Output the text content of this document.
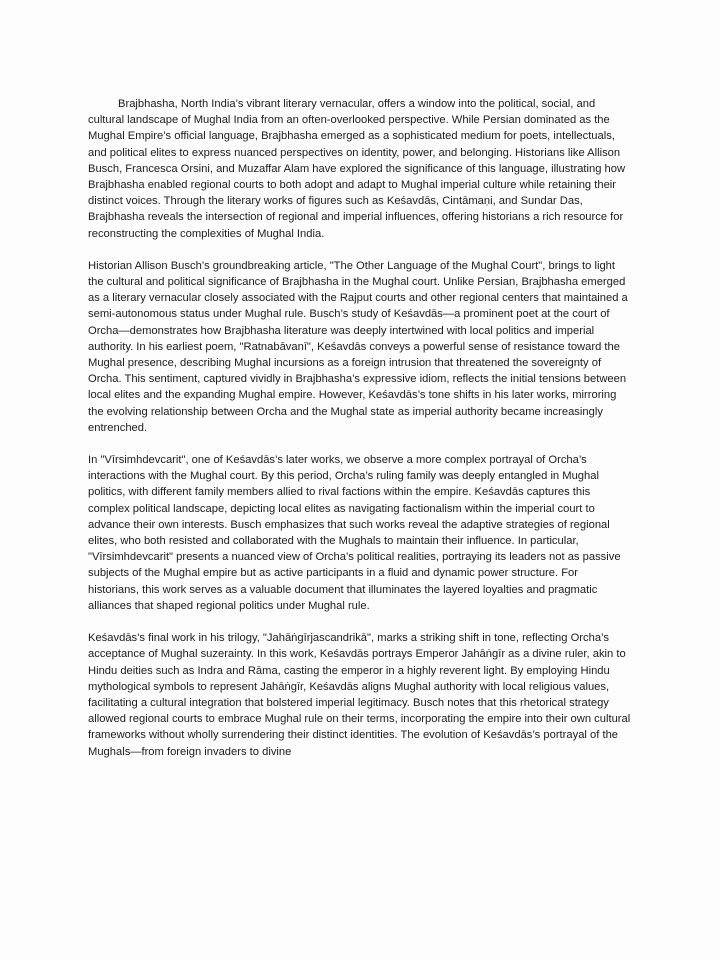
Brajbhasha, North India’s vibrant literary vernacular, offers a window into the political, social, and cultural landscape of Mughal India from an often-overlooked perspective. While Persian dominated as the Mughal Empire’s official language, Brajbhasha emerged as a sophisticated medium for poets, intellectuals, and political elites to express nuanced perspectives on identity, power, and belonging. Historians like Allison Busch, Francesca Orsini, and Muzaffar Alam have explored the significance of this language, illustrating how Brajbhasha enabled regional courts to both adopt and adapt to Mughal imperial culture while retaining their distinct voices. Through the literary works of figures such as Keśavdās, Cintāmaṇi, and Sundar Das, Brajbhasha reveals the intersection of regional and imperial influences, offering historians a rich resource for reconstructing the complexities of Mughal India.

Historian Allison Busch’s groundbreaking article, "The Other Language of the Mughal Court", brings to light the cultural and political significance of Brajbhasha in the Mughal court. Unlike Persian, Brajbhasha emerged as a literary vernacular closely associated with the Rajput courts and other regional centers that maintained a semi-autonomous status under Mughal rule. Busch’s study of Keśavdās—a prominent poet at the court of Orcha—demonstrates how Brajbhasha literature was deeply intertwined with local politics and imperial authority. In his earliest poem, "Ratnabāvanī", Keśavdās conveys a powerful sense of resistance toward the Mughal presence, describing Mughal incursions as a foreign intrusion that threatened the sovereignty of Orcha. This sentiment, captured vividly in Brajbhasha’s expressive idiom, reflects the initial tensions between local elites and the expanding Mughal empire. However, Keśavdās’s tone shifts in his later works, mirroring the evolving relationship between Orcha and the Mughal state as imperial authority became increasingly entrenched.

In "Vīrsimhdevcarit", one of Keśavdās’s later works, we observe a more complex portrayal of Orcha’s interactions with the Mughal court. By this period, Orcha’s ruling family was deeply entangled in Mughal politics, with different family members allied to rival factions within the empire. Keśavdās captures this complex political landscape, depicting local elites as navigating factionalism within the imperial court to advance their own interests. Busch emphasizes that such works reveal the adaptive strategies of regional elites, who both resisted and collaborated with the Mughals to maintain their influence. In particular, "Vīrsimhdevcarit" presents a nuanced view of Orcha’s political realities, portraying its leaders not as passive subjects of the Mughal empire but as active participants in a fluid and dynamic power structure. For historians, this work serves as a valuable document that illuminates the layered loyalties and pragmatic alliances that shaped regional politics under Mughal rule.

Keśavdās’s final work in his trilogy, "Jahāṅgīrjascandrikā", marks a striking shift in tone, reflecting Orcha’s acceptance of Mughal suzerainty. In this work, Keśavdās portrays Emperor Jahāṅgīr as a divine ruler, akin to Hindu deities such as Indra and Rāma, casting the emperor in a highly reverent light. By employing Hindu mythological symbols to represent Jahāṅgīr, Keśavdās aligns Mughal authority with local religious values, facilitating a cultural integration that bolstered imperial legitimacy. Busch notes that this rhetorical strategy allowed regional courts to embrace Mughal rule on their terms, incorporating the empire into their own cultural frameworks without wholly surrendering their distinct identities. The evolution of Keśavdās’s portrayal of the Mughals—from foreign invaders to divine
